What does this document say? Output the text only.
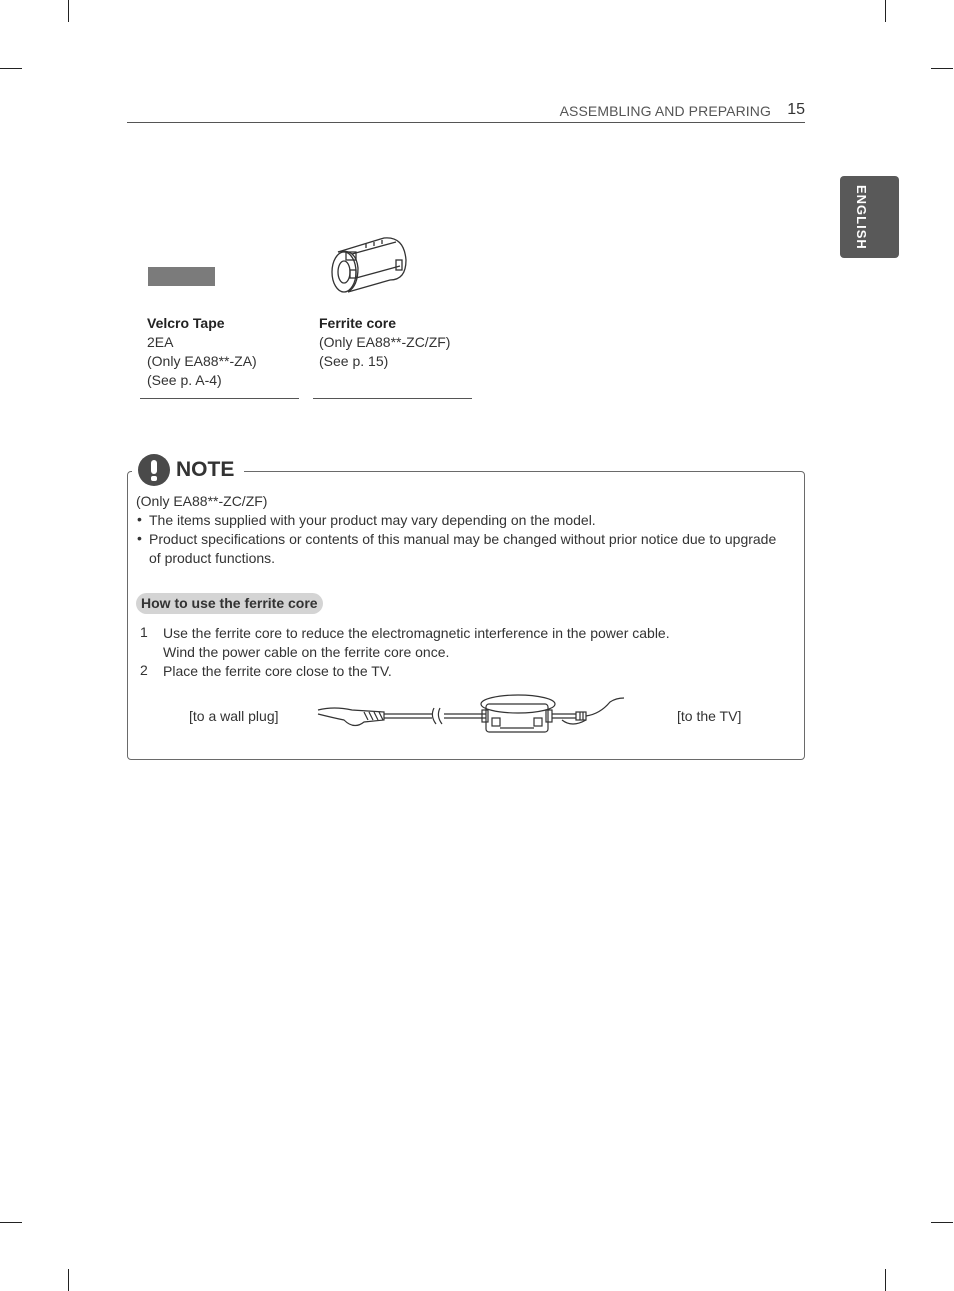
ASSEMBLING AND PREPARING 15
ENGLISH
Velcro Tape
2EA
(Only EA88**-ZA)
(See p. A-4)
Ferrite core
(Only EA88**-ZC/ZF)
(See p. 15)
NOTE
(Only EA88**-ZC/ZF)
• The items supplied with your product may vary depending on the model.
• Product specifications or contents of this manual may be changed without prior notice due to upgrade
of product functions.
How to use the ferrite core
1 Use the ferrite core to reduce the electromagnetic interference in the power cable.
Wind the power cable on the ferrite core once.
2 Place the ferrite core close to the TV.
[to a wall plug]	[to the TV]
